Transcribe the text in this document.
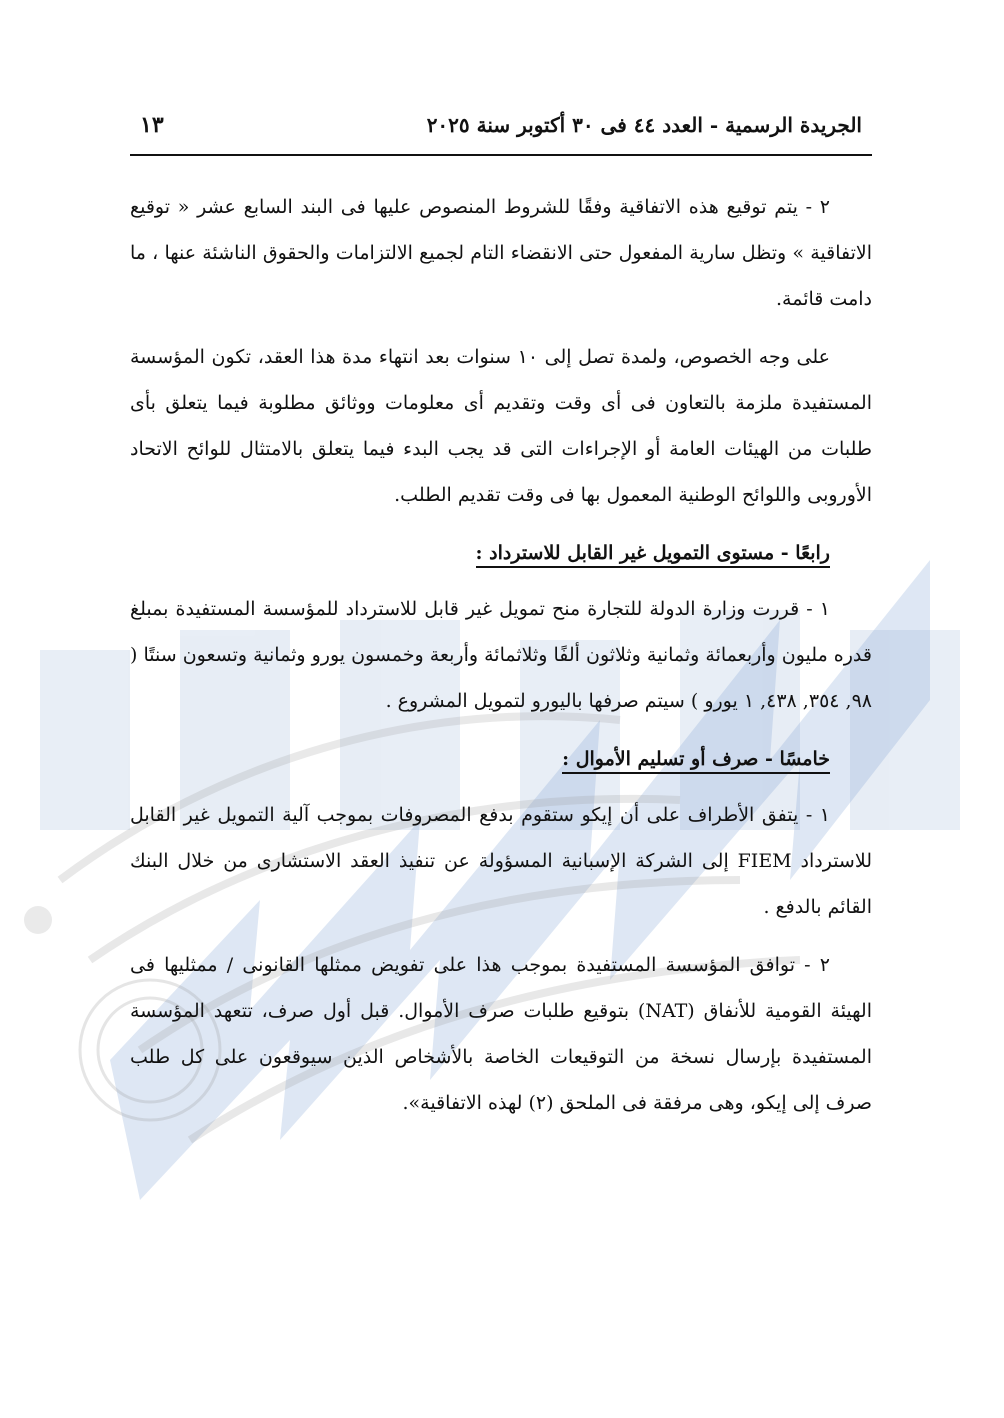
الجريدة الرسمية - العدد ٤٤ فى ٣٠ أكتوبر سنة ٢٠٢٥
١٣

٢ - يتم توقيع هذه الاتفاقية وفقًا للشروط المنصوص عليها فى البند السابع عشر « توقيع الاتفاقية » وتظل سارية المفعول حتى الانقضاء التام لجميع الالتزامات والحقوق الناشئة عنها ، ما دامت قائمة.

على وجه الخصوص، ولمدة تصل إلى ١٠ سنوات بعد انتهاء مدة هذا العقد، تكون المؤسسة المستفيدة ملزمة بالتعاون فى أى وقت وتقديم أى معلومات ووثائق مطلوبة فيما يتعلق بأى طلبات من الهيئات العامة أو الإجراءات التى قد يجب البدء فيما يتعلق بالامتثال للوائح الاتحاد الأوروبى واللوائح الوطنية المعمول بها فى وقت تقديم الطلب.

رابعًا - مستوى التمويل غير القابل للاسترداد :

١ - قررت وزارة الدولة للتجارة منح تمويل غير قابل للاسترداد للمؤسسة المستفيدة بمبلغ قدره مليون وأربعمائة وثمانية وثلاثون ألفًا وثلاثمائة وأربعة وخمسون يورو وثمانية وتسعون سنتًا ( ٩٨, ٣٥٤, ٤٣٨, ١ يورو ) سيتم صرفها باليورو لتمويل المشروع .

خامسًا - صرف أو تسليم الأموال :

١ - يتفق الأطراف على أن إيكو ستقوم بدفع المصروفات بموجب آلية التمويل غير القابل للاسترداد FIEM إلى الشركة الإسبانية المسؤولة عن تنفيذ العقد الاستشارى من خلال البنك القائم بالدفع .

٢ - توافق المؤسسة المستفيدة بموجب هذا على تفويض ممثلها القانونى / ممثليها فى الهيئة القومية للأنفاق (NAT) بتوقيع طلبات صرف الأموال. قبل أول صرف، تتعهد المؤسسة المستفيدة بإرسال نسخة من التوقيعات الخاصة بالأشخاص الذين سيوقعون على كل طلب صرف إلى إيكو، وهى مرفقة فى الملحق (٢) لهذه الاتفاقية».
